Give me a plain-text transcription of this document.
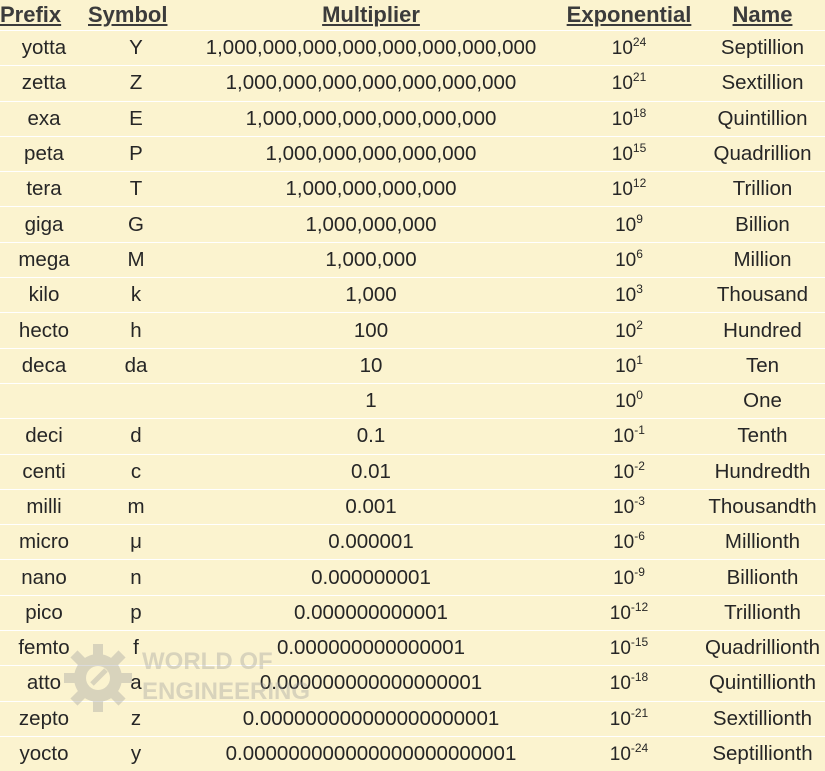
Prefix	Symbol	Multiplier	Exponential	Name
yotta	Y	1,000,000,000,000,000,000,000,000	$10^{24}$	Septillion
zetta	Z	1,000,000,000,000,000,000,000	$10^{21}$	Sextillion
exa	E	1,000,000,000,000,000,000	$10^{18}$	Quintillion
peta	P	1,000,000,000,000,000	$10^{15}$	Quadrillion
tera	T	1,000,000,000,000	$10^{12}$	Trillion
giga	G	1,000,000,000	$10^9$	Billion
mega	M	1,000,000	$10^6$	Million
kilo	k	1,000	$10^3$	Thousand
hecto	h	100	$10^2$	Hundred
deca	da	10	$10^1$	Ten
		1	$10^0$	One
deci	d	0.1	$10^{-1}$	Tenth
centi	c	0.01	$10^{-2}$	Hundredth
milli	m	0.001	$10^{-3}$	Thousandth
micro	μ	0.000001	$10^{-6}$	Millionth
nano	n	0.000000001	$10^{-9}$	Billionth
pico	p	0.000000000001	$10^{-12}$	Trillionth
femto	f	0.000000000000001	$10^{-15}$	Quadrillionth
atto	a	0.000000000000000001	$10^{-18}$	Quintillionth
zepto	z	0.000000000000000000001	$10^{-21}$	Sextillionth
yocto	y	0.000000000000000000000001	$10^{-24}$	Septillionth
WORLD OF
ENGINEERING
